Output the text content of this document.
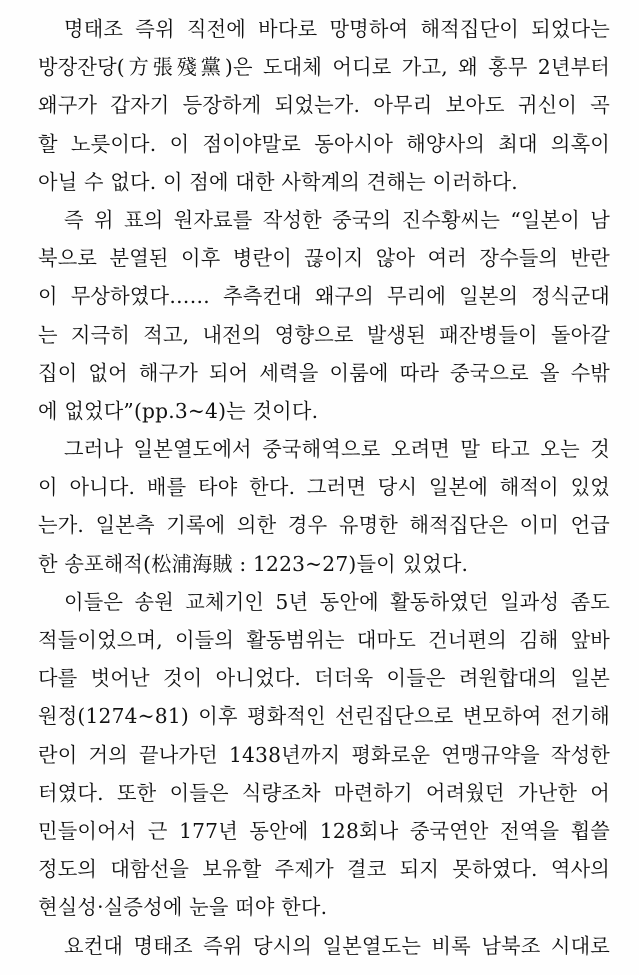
명태조 즉위 직전에 바다로 망명하여 해적집단이 되었다는
방장잔당(方張殘黨)은 도대체 어디로 가고, 왜 홍무 2년부터
왜구가 갑자기 등장하게 되었는가. 아무리 보아도 귀신이 곡
할 노릇이다. 이 점이야말로 동아시아 해양사의 최대 의혹이
아닐 수 없다. 이 점에 대한 사학계의 견해는 이러하다.
즉 위 표의 원자료를 작성한 중국의 진수황씨는 “일본이 남
북으로 분열된 이후 병란이 끊이지 않아 여러 장수들의 반란
이 무상하였다…… 추측컨대 왜구의 무리에 일본의 정식군대
는 지극히 적고, 내전의 영향으로 발생된 패잔병들이 돌아갈
집이 없어 해구가 되어 세력을 이룸에 따라 중국으로 올 수밖
에 없었다”(pp.3~4)는 것이다.
그러나 일본열도에서 중국해역으로 오려면 말 타고 오는 것
이 아니다. 배를 타야 한다. 그러면 당시 일본에 해적이 있었
는가. 일본측 기록에 의한 경우 유명한 해적집단은 이미 언급
한 송포해적(松浦海賊 : 1223~27)들이 있었다.
이들은 송원 교체기인 5년 동안에 활동하였던 일과성 좀도
적들이었으며, 이들의 활동범위는 대마도 건너편의 김해 앞바
다를 벗어난 것이 아니었다. 더더욱 이들은 려원합대의 일본
원정(1274~81) 이후 평화적인 선린집단으로 변모하여 전기해
란이 거의 끝나가던 1438년까지 평화로운 연맹규약을 작성한
터였다. 또한 이들은 식량조차 마련하기 어려웠던 가난한 어
민들이어서 근 177년 동안에 128회나 중국연안 전역을 휩쓸
정도의 대함선을 보유할 주제가 결코 되지 못하였다. 역사의
현실성·실증성에 눈을 떠야 한다.
요컨대 명태조 즉위 당시의 일본열도는 비록 남북조 시대로
